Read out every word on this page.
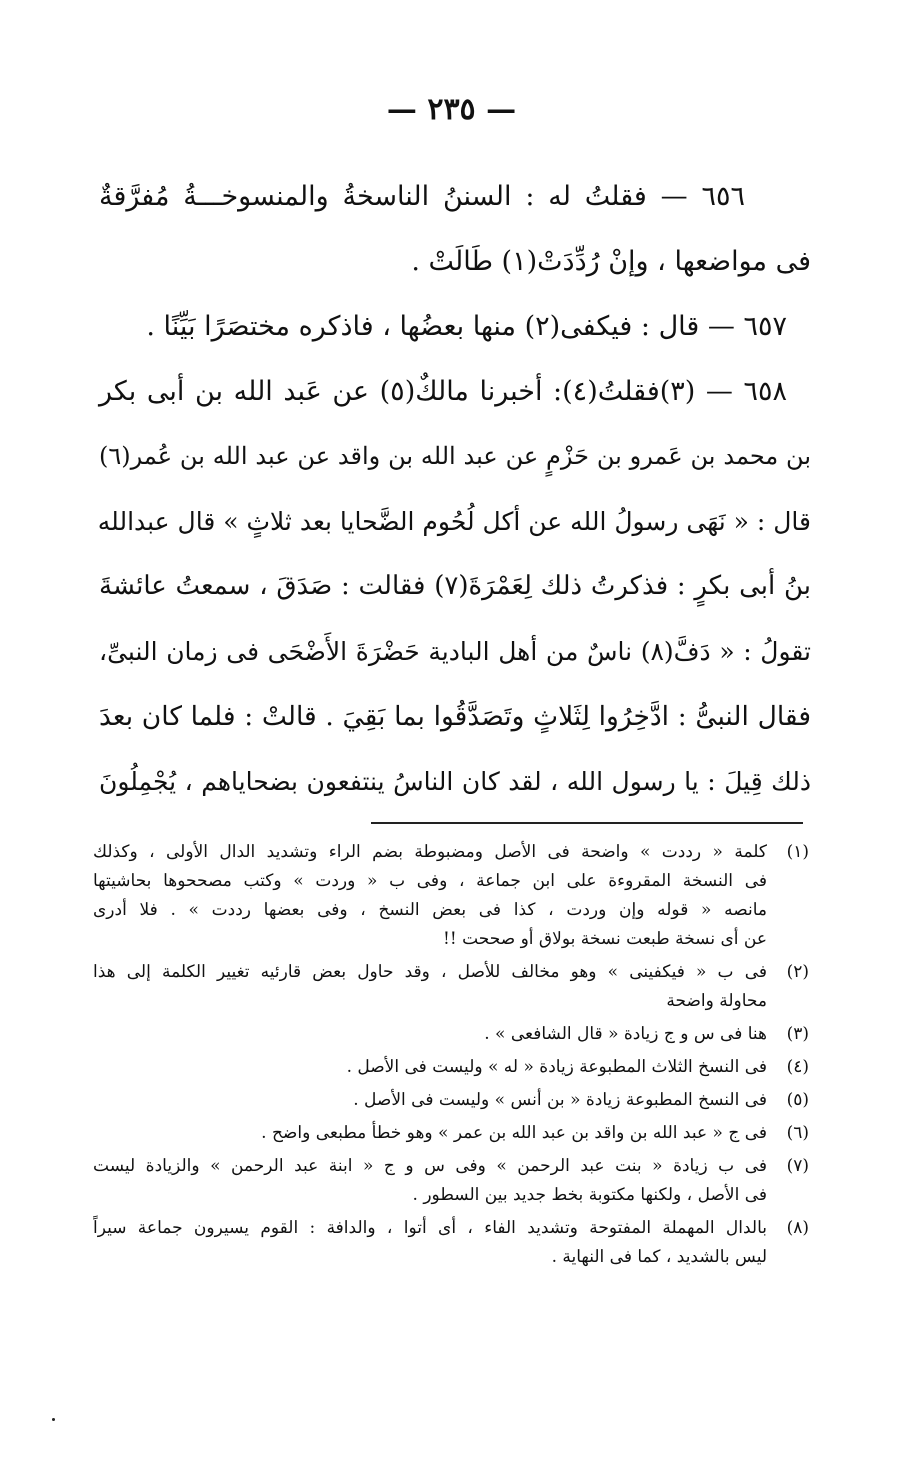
— ٢٣٥ —
٦٥٦ — فقلتُ له : السننُ الناسخةُ والمنسوخـــةُ مُفرَّقةٌ
فى مواضعها ، وإنْ رُدِّدَتْ(١) طَالَتْ .
٦٥٧ — قال : فيكفى(٢) منها بعضُها ، فاذكره مختصَرًا بَيِّنًا .
٦٥٨ — (٣)فقلتُ(٤): أخبرنا مالكٌ(٥) عن عَبد الله بن أبى بكر
بن محمد بن عَمرو بن حَزْمٍ عن عبد الله بن واقد عن عبد الله بن عُمر(٦)
قال : « نَهَى رسولُ الله عن أكل لُحُوم الضَّحايا بعد ثلاثٍ » قال عبدالله
بنُ أبى بكرٍ : فذكرتُ ذلك لِعَمْرَةَ(٧) فقالت : صَدَقَ ، سمعتُ عائشةَ
تقولُ : « دَفَّ(٨) ناسٌ من أهل البادية حَضْرَةَ الأَضْحَى فى زمان النبىِّ،
فقال النبىُّ : ادَّخِرُوا لِثَلاثٍ وتَصَدَّقُوا بما بَقِيَ . قالتْ : فلما كان بعدَ
ذلك قِيلَ : يا رسول الله ، لقد كان الناسُ ينتفعون بضحاياهم ، يُجْمِلُونَ
(١)
كلمة « رددت » واضحة فى الأصل ومضبوطة بضم الراء وتشديد الدال الأولى ، وكذلك
فى النسخة المقروءة على ابن جماعة ، وفى ب « وردت » وكتب مصححوها بحاشيتها
مانصه « قوله وإن وردت ، كذا فى بعض النسخ ، وفى بعضها رددت » . فلا أدرى
عن أى نسخة طبعت نسخة بولاق أو صححت !!
(٢)
فى ب « فيكفينى » وهو مخالف للأصل ، وقد حاول بعض قارئيه تغيير الكلمة إلى هذا
محاولة واضحة
(٣)
هنا فى س و ج زيادة « قال الشافعى » .
(٤)
فى النسخ الثلاث المطبوعة زيادة « له » وليست فى الأصل .
(٥)
فى النسخ المطبوعة زيادة « بن أنس » وليست فى الأصل .
(٦)
فى ج « عبد الله بن واقد بن عبد الله بن عمر » وهو خطأ مطبعى واضح .
(٧)
فى ب زيادة « بنت عبد الرحمن » وفى س و ج « ابنة عبد الرحمن » والزيادة ليست
فى الأصل ، ولكنها مكتوبة بخط جديد بين السطور .
(٨)
بالدال المهملة المفتوحة وتشديد الفاء ، أى أتوا ، والدافة : القوم يسيرون جماعة سيراً
ليس بالشديد ، كما فى النهاية .
